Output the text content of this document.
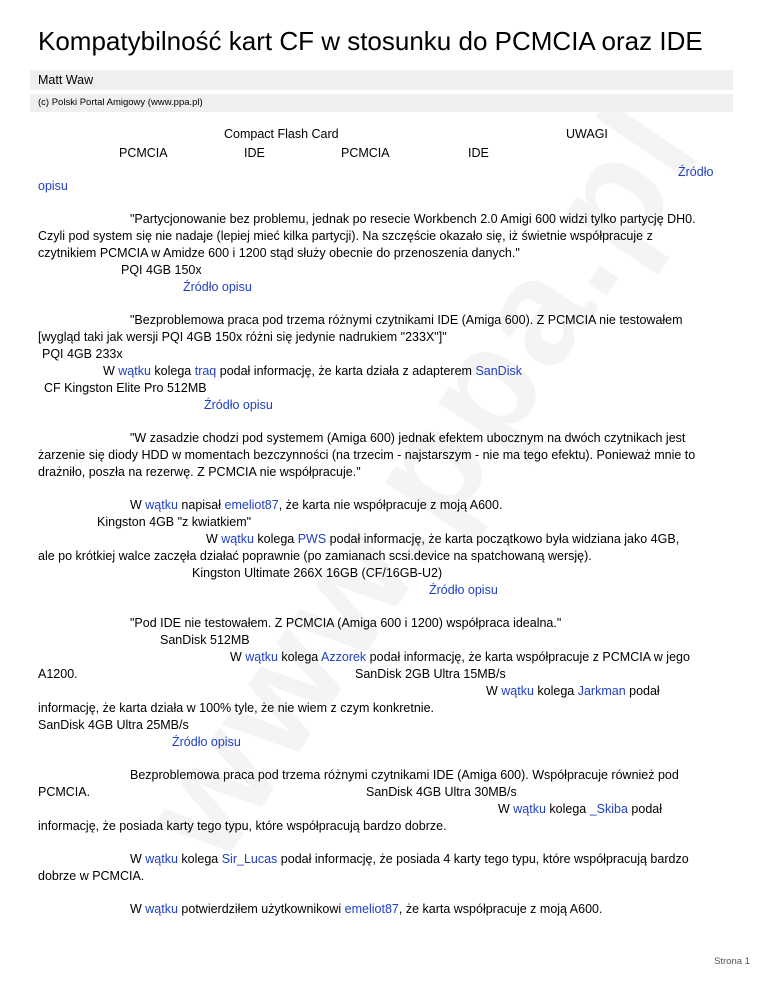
Kompatybilność kart CF w stosunku do PCMCIA oraz IDE
Matt Waw
(c) Polski Portal Amigowy (www.ppa.pl)
Compact Flash Card	UWAGI
PCMCIA	IDE	PCMCIA	IDE
Źródło
opisu
"Partycjonowanie bez problemu, jednak po resecie Workbench 2.0 Amigi 600 widzi tylko partycję DH0.
Czyli pod system się nie nadaje (lepiej mieć kilka partycji). Na szczęście okazało się, iż świetnie współpracuje z
czytnikiem PCMCIA w Amidze 600 i 1200 stąd służy obecnie do przenoszenia danych."
PQI 4GB 150x
Źródło opisu
"Bezproblemowa praca pod trzema różnymi czytnikami IDE (Amiga 600). Z PCMCIA nie testowałem
[wygląd taki jak wersji PQI 4GB 150x różni się jedynie nadrukiem "233X"]"
PQI 4GB 233x
W wątku kolega traq podał informację, że karta działa z adapterem SanDisk
CF Kingston Elite Pro 512MB
Źródło opisu
"W zasadzie chodzi pod systemem (Amiga 600) jednak efektem ubocznym na dwóch czytnikach jest
żarzenie się diody HDD w momentach bezczynności (na trzecim - najstarszym - nie ma tego efektu). Ponieważ mnie to
drażniło, poszła na rezerwę. Z PCMCIA nie współpracuje."
W wątku napisał emeliot87, że karta nie współpracuje z moją A600.
Kingston 4GB "z kwiatkiem"
W wątku kolega PWS podał informację, że karta początkowo była widziana jako 4GB,
ale po krótkiej walce zaczęła działać poprawnie (po zamianach scsi.device na spatchowaną wersję).
Kingston Ultimate 266X 16GB (CF/16GB-U2)
Źródło opisu
"Pod IDE nie testowałem. Z PCMCIA (Amiga 600 i 1200) współpraca idealna."
SanDisk 512MB
W wątku kolega Azzorek podał informację, że karta współpracuje z PCMCIA w jego
A1200.	SanDisk 2GB Ultra 15MB/s
W wątku kolega Jarkman podał
informację, że karta działa w 100% tyle, że nie wiem z czym konkretnie.
SanDisk 4GB Ultra 25MB/s
Źródło opisu
Bezproblemowa praca pod trzema różnymi czytnikami IDE (Amiga 600). Współpracuje również pod
PCMCIA.	SanDisk 4GB Ultra 30MB/s
W wątku kolega _Skiba podał
informację, że posiada karty tego typu, które współpracują bardzo dobrze.
W wątku kolega Sir_Lucas podał informację, że posiada 4 karty tego typu, które współpracują bardzo
dobrze w PCMCIA.
W wątku potwierdziłem użytkownikowi emeliot87, że karta współpracuje z moją A600.
Strona 1
